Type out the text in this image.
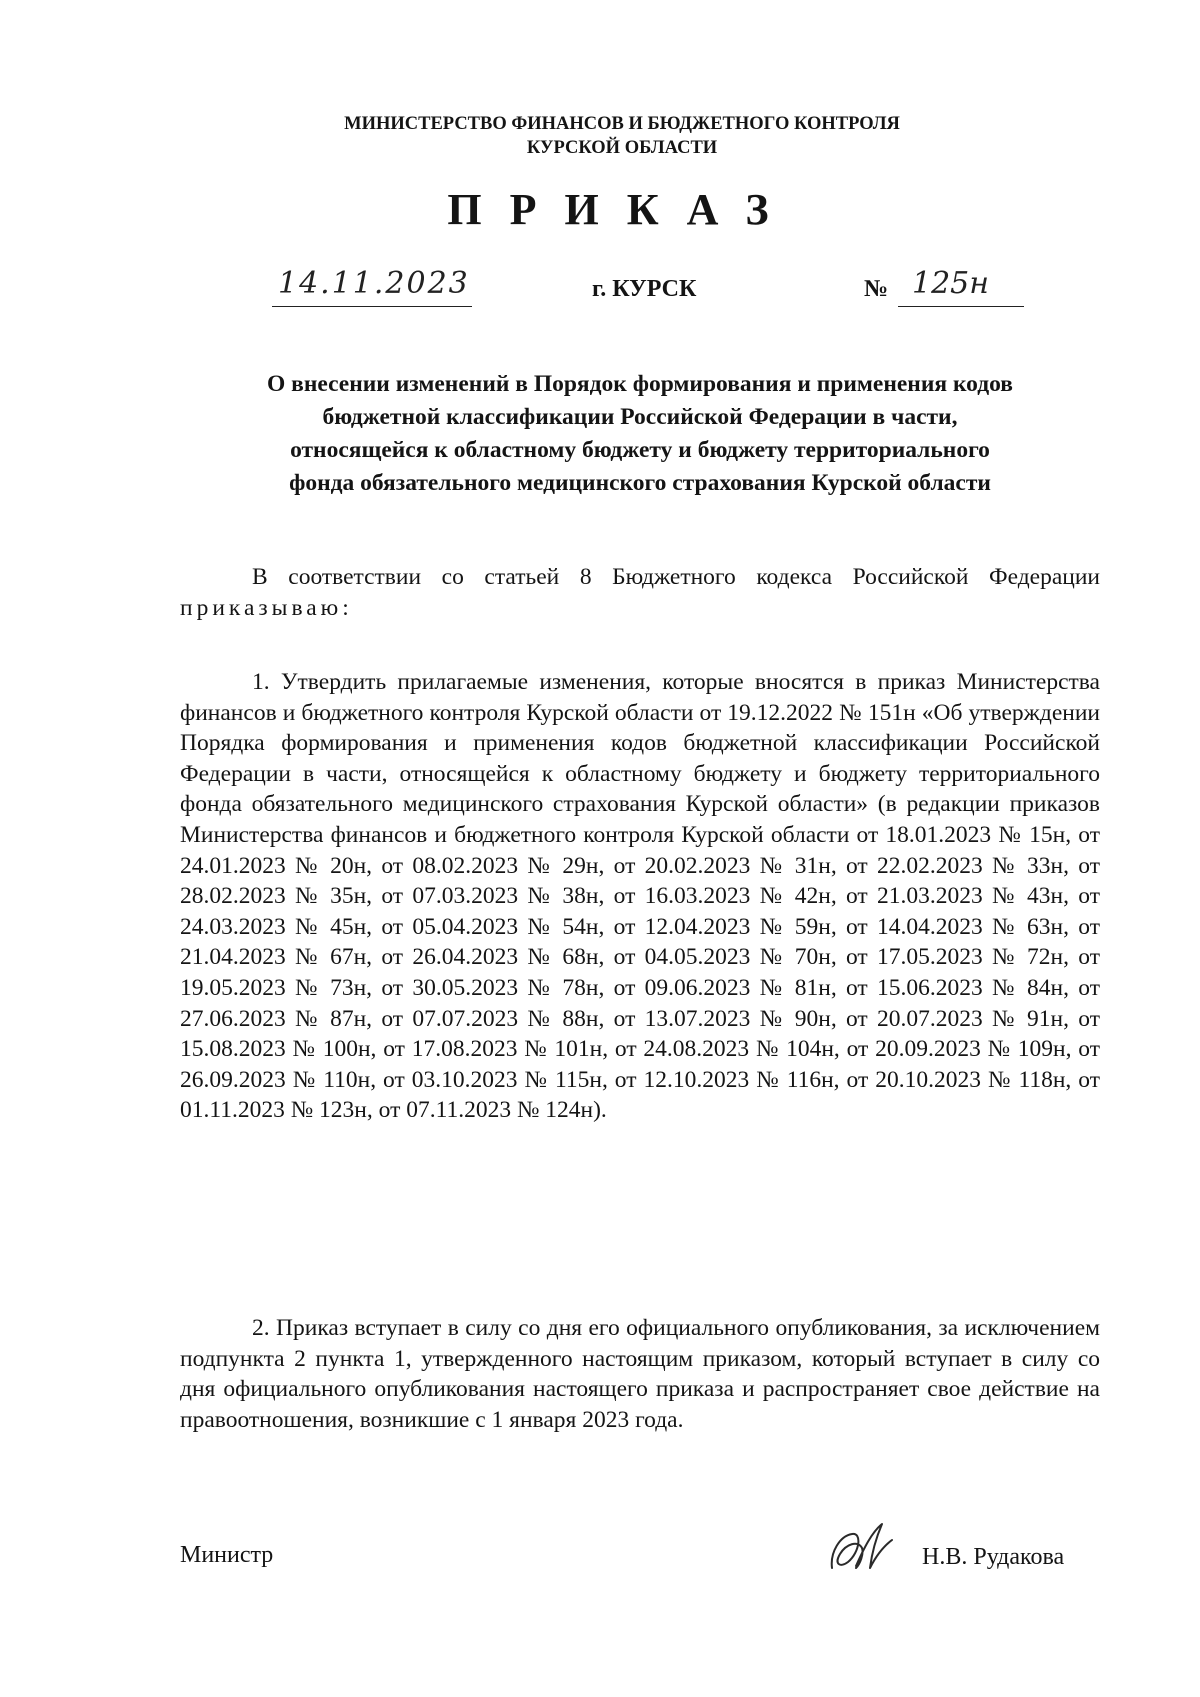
МИНИСТЕРСТВО ФИНАНСОВ И БЮДЖЕТНОГО КОНТРОЛЯ
КУРСКОЙ ОБЛАСТИ
ПРИКАЗ
14.11.2023	г. КУРСК	№ 125н
О внесении изменений в Порядок формирования и применения кодов
бюджетной классификации Российской Федерации в части,
относящейся к областному бюджету и бюджету территориального
фонда обязательного медицинского страхования Курской области

В соответствии со статьей 8 Бюджетного кодекса Российской Федерации приказываю:

1. Утвердить прилагаемые изменения, которые вносятся в приказ Министерства финансов и бюджетного контроля Курской области от 19.12.2022 № 151н «Об утверждении Порядка формирования и применения кодов бюджетной классификации Российской Федерации в части, относящейся к областному бюджету и бюджету территориального фонда обязательного медицинского страхования Курской области» (в редакции приказов Министерства финансов и бюджетного контроля Курской области от 18.01.2023 № 15н, от 24.01.2023 № 20н, от 08.02.2023 № 29н, от 20.02.2023 № 31н, от 22.02.2023 № 33н, от 28.02.2023 № 35н, от 07.03.2023 № 38н, от 16.03.2023 № 42н, от 21.03.2023 № 43н, от 24.03.2023 № 45н, от 05.04.2023 № 54н, от 12.04.2023 № 59н, от 14.04.2023 № 63н, от 21.04.2023 № 67н, от 26.04.2023 № 68н, от 04.05.2023 № 70н, от 17.05.2023 № 72н, от 19.05.2023 № 73н, от 30.05.2023 № 78н, от 09.06.2023 № 81н, от 15.06.2023 № 84н, от 27.06.2023 № 87н, от 07.07.2023 № 88н, от 13.07.2023 № 90н, от 20.07.2023 № 91н, от 15.08.2023 № 100н, от 17.08.2023 № 101н, от 24.08.2023 № 104н, от 20.09.2023 № 109н, от 26.09.2023 № 110н, от 03.10.2023 № 115н, от 12.10.2023 № 116н, от 20.10.2023 № 118н, от 01.11.2023 № 123н, от 07.11.2023 № 124н).

2. Приказ вступает в силу со дня его официального опубликования, за исключением подпункта 2 пункта 1, утвержденного настоящим приказом, который вступает в силу со дня официального опубликования настоящего приказа и распространяет свое действие на правоотношения, возникшие с 1 января 2023 года.

Министр	Н.В. Рудакова
